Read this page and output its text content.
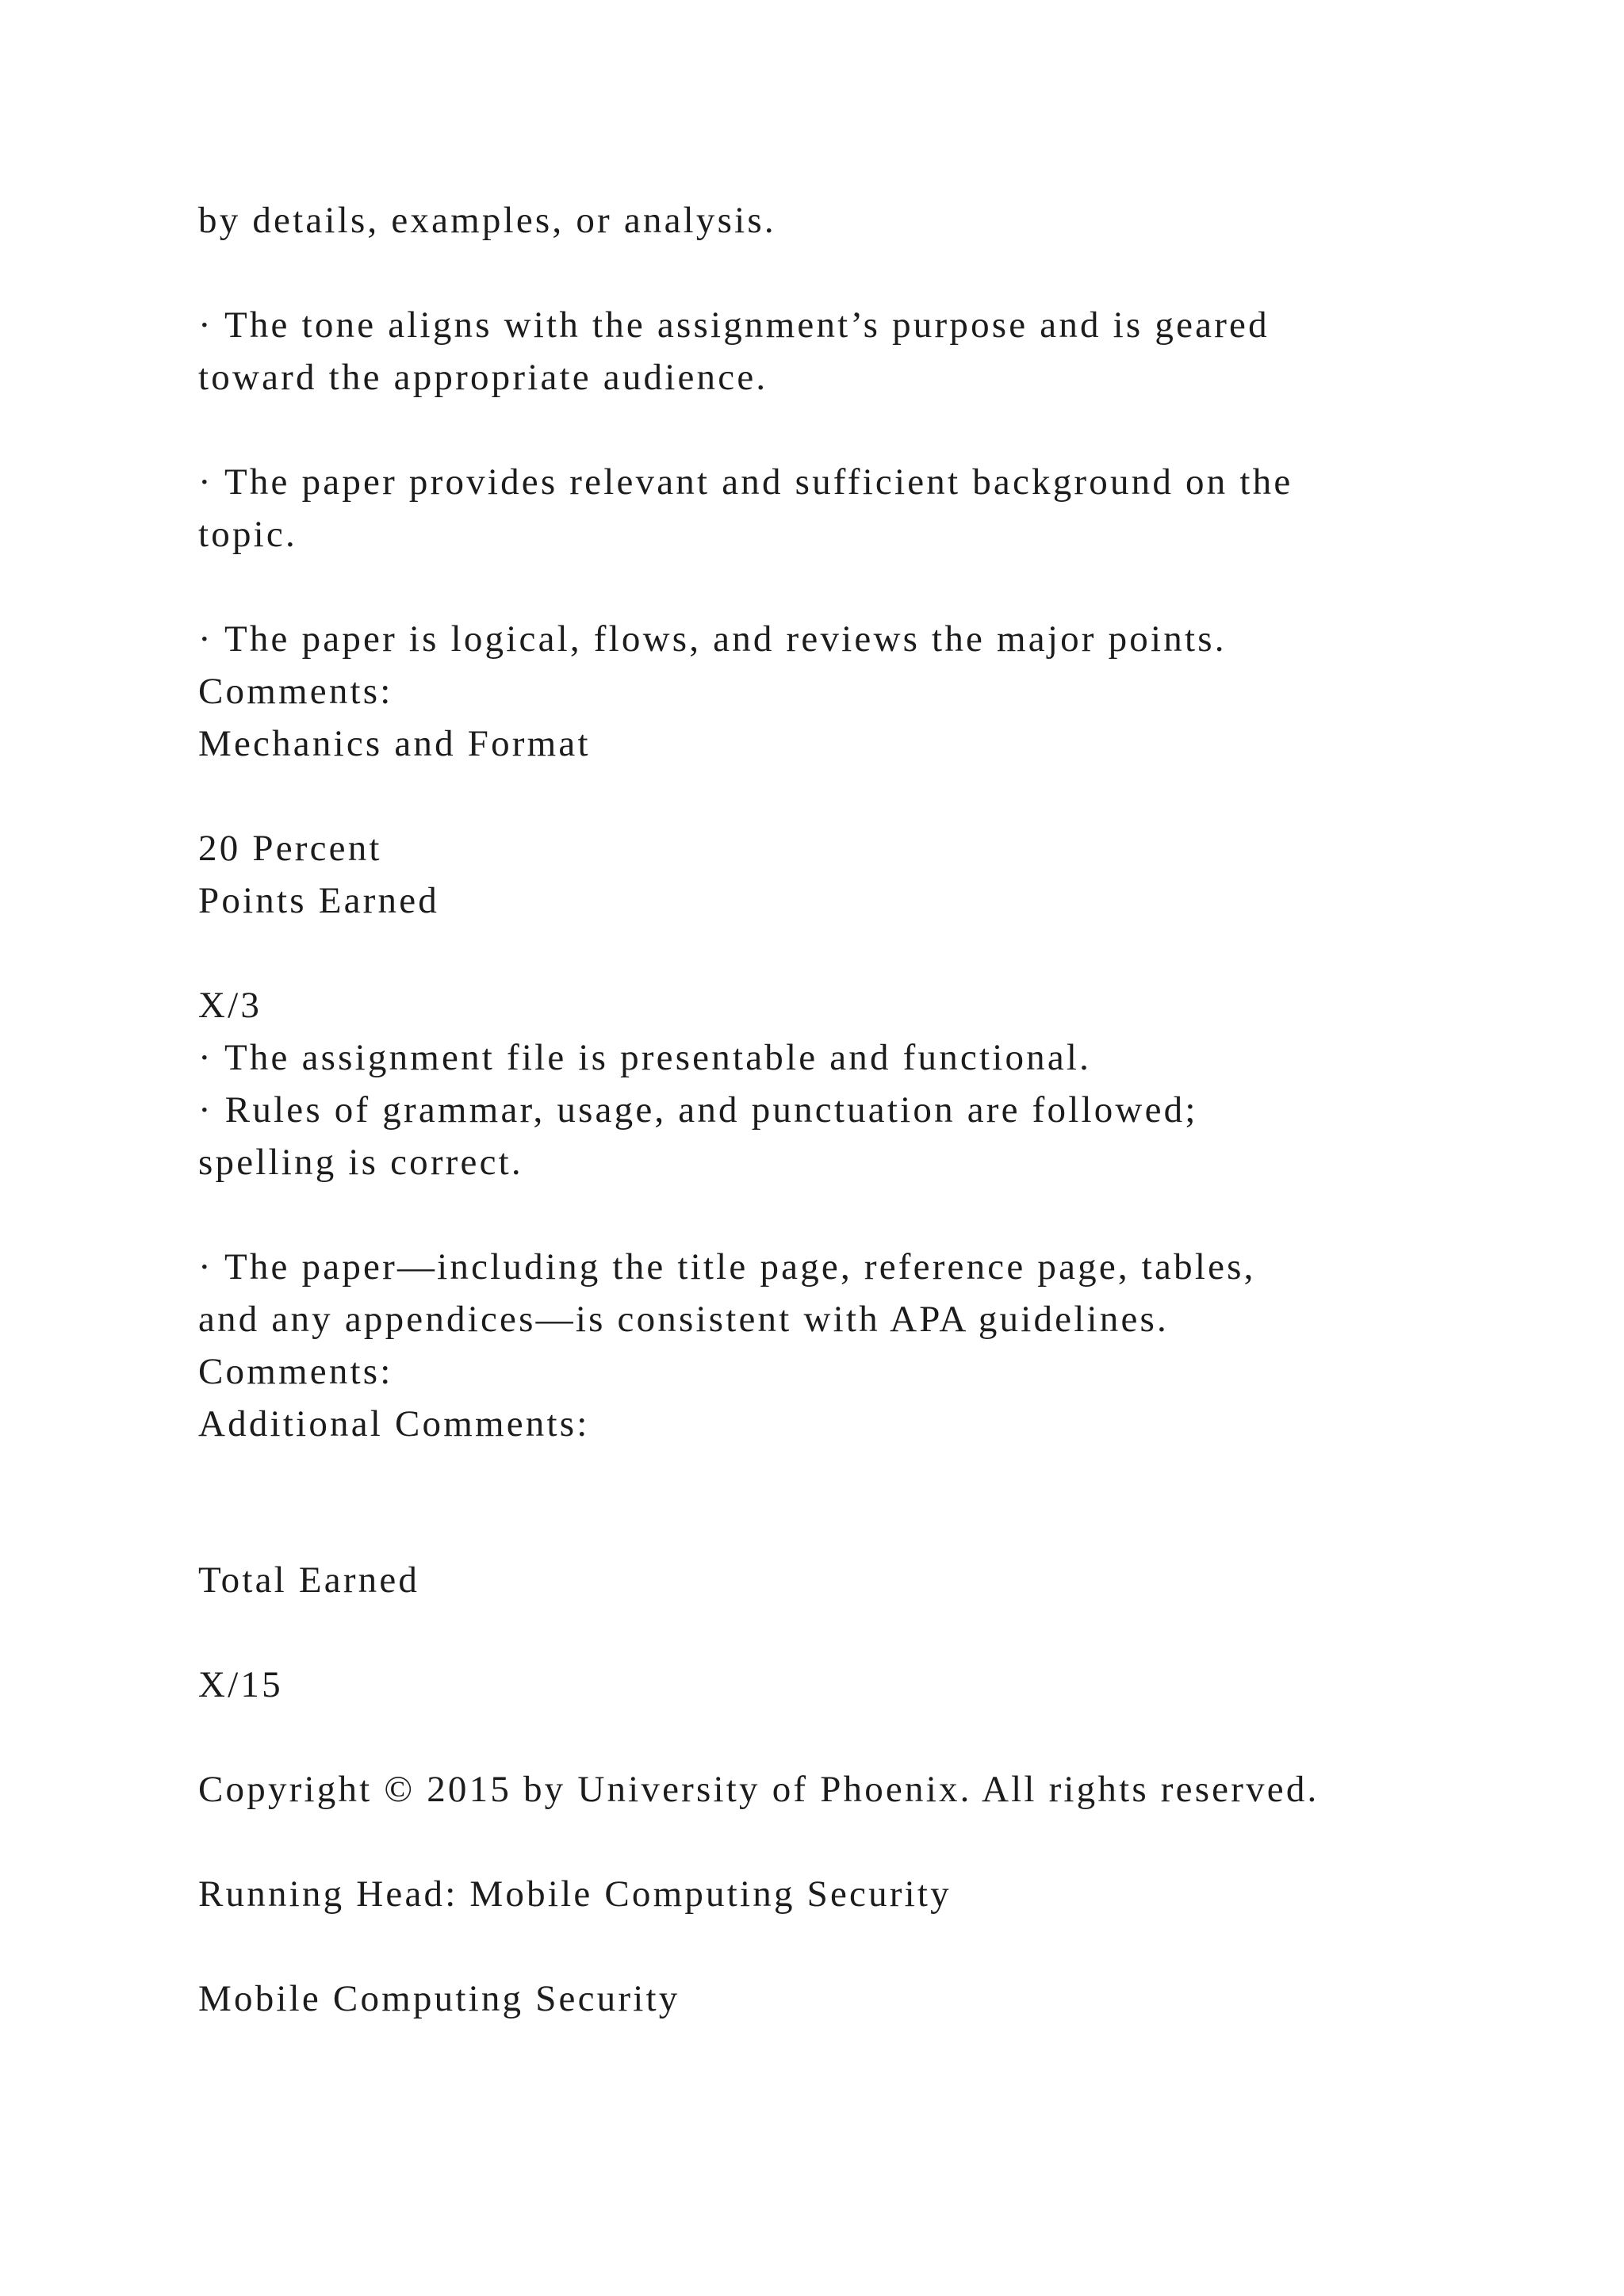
by details, examples, or analysis.
· The tone aligns with the assignment’s purpose and is geared
toward the appropriate audience.
· The paper provides relevant and sufficient background on the
topic.
· The paper is logical, flows, and reviews the major points.
Comments:
Mechanics and Format
20 Percent
Points Earned
X/3
· The assignment file is presentable and functional.
· Rules of grammar, usage, and punctuation are followed;
spelling is correct.
· The paper—including the title page, reference page, tables,
and any appendices—is consistent with APA guidelines.
Comments:
Additional Comments:
Total Earned
X/15
Copyright © 2015 by University of Phoenix. All rights reserved.
Running Head: Mobile Computing Security
Mobile Computing Security
